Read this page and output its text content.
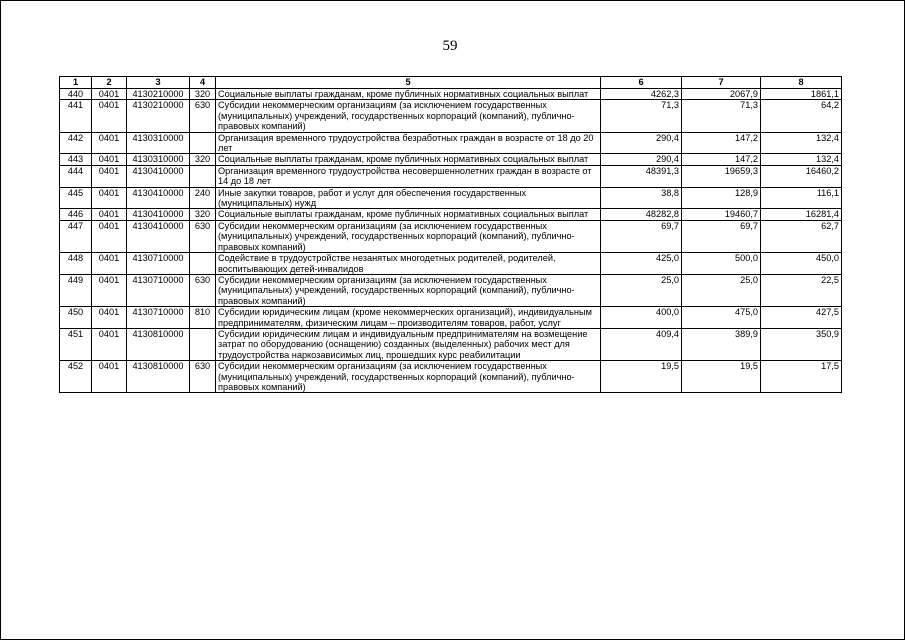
59
1	2	3	4	5	6	7	8
440	0401	4130210000	320	Социальные выплаты гражданам, кроме публичных нормативных социальных выплат	4262,3	2067,9	1861,1
441	0401	4130210000	630	Субсидии некоммерческим организациям (за исключением государственных (муниципальных) учреждений, государственных корпораций (компаний), публично-правовых компаний)	71,3	71,3	64,2
442	0401	4130310000		Организация временного трудоустройства безработных граждан в возрасте от 18 до 20 лет	290,4	147,2	132,4
443	0401	4130310000	320	Социальные выплаты гражданам, кроме публичных нормативных социальных выплат	290,4	147,2	132,4
444	0401	4130410000		Организация временного трудоустройства несовершеннолетних граждан в возрасте от 14 до 18 лет	48391,3	19659,3	16460,2
445	0401	4130410000	240	Иные закупки товаров, работ и услуг для обеспечения государственных (муниципальных) нужд	38,8	128,9	116,1
446	0401	4130410000	320	Социальные выплаты гражданам, кроме публичных нормативных социальных выплат	48282,8	19460,7	16281,4
447	0401	4130410000	630	Субсидии некоммерческим организациям (за исключением государственных (муниципальных) учреждений, государственных корпораций (компаний), публично-правовых компаний)	69,7	69,7	62,7
448	0401	4130710000		Содействие в трудоустройстве незанятых многодетных родителей, родителей, воспитывающих детей-инвалидов	425,0	500,0	450,0
449	0401	4130710000	630	Субсидии некоммерческим организациям (за исключением государственных (муниципальных) учреждений, государственных корпораций (компаний), публично-правовых компаний)	25,0	25,0	22,5
450	0401	4130710000	810	Субсидии юридическим лицам (кроме некоммерческих организаций), индивидуальным предпринимателям, физическим лицам – производителям товаров, работ, услуг	400,0	475,0	427,5
451	0401	4130810000		Субсидии юридическим лицам и индивидуальным предпринимателям на возмещение затрат по оборудованию (оснащению) созданных (выделенных) рабочих мест для трудоустройства наркозависимых лиц, прошедших курс реабилитации	409,4	389,9	350,9
452	0401	4130810000	630	Субсидии некоммерческим организациям (за исключением государственных (муниципальных) учреждений, государственных корпораций (компаний), публично-правовых компаний)	19,5	19,5	17,5
